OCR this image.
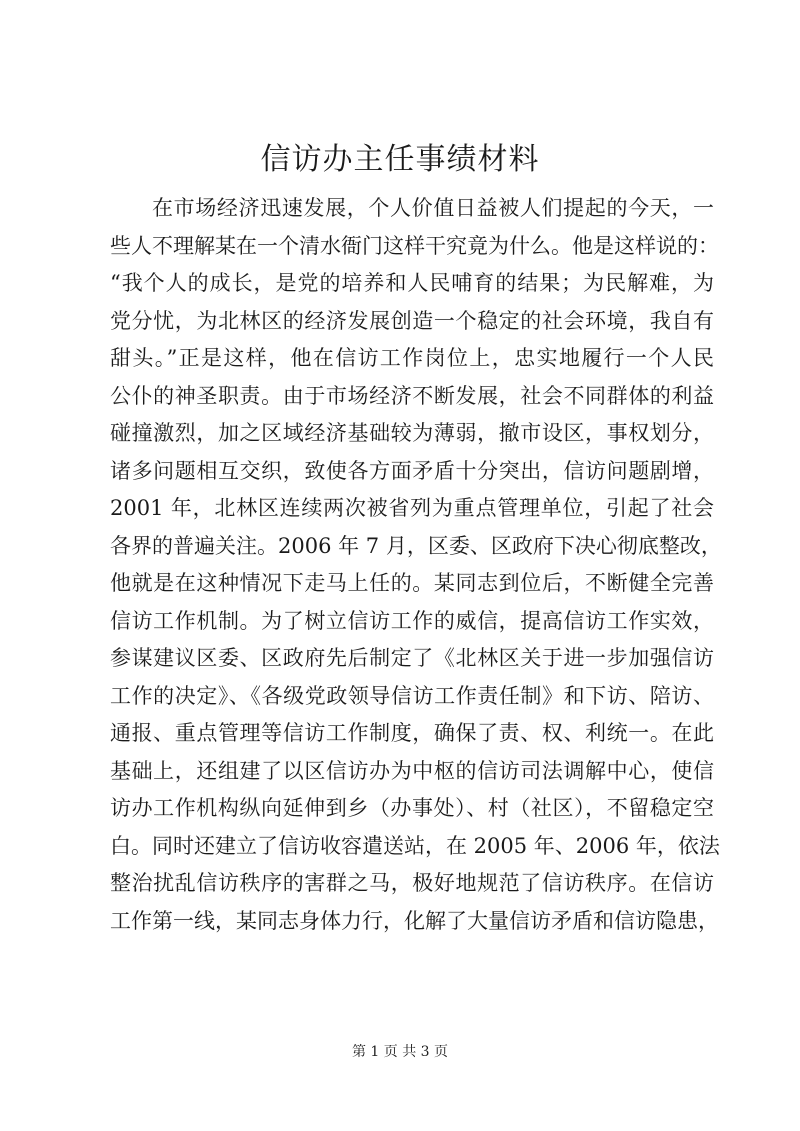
信访办主任事绩材料
在市场经济迅速发展，个人价值日益被人们提起的今天，一
些人不理解某在一个清水衙门这样干究竟为什么。他是这样说的：
“我个人的成长，是党的培养和人民哺育的结果；为民解难，为
党分忧，为北林区的经济发展创造一个稳定的社会环境，我自有
甜头。”正是这样，他在信访工作岗位上，忠实地履行一个人民
公仆的神圣职责。由于市场经济不断发展，社会不同群体的利益
碰撞激烈，加之区域经济基础较为薄弱，撤市设区，事权划分，
诸多问题相互交织，致使各方面矛盾十分突出，信访问题剧增，
2001 年，北林区连续两次被省列为重点管理单位，引起了社会
各界的普遍关注。2006 年 7 月，区委、区政府下决心彻底整改，
他就是在这种情况下走马上任的。某同志到位后，不断健全完善
信访工作机制。为了树立信访工作的威信，提高信访工作实效，
参谋建议区委、区政府先后制定了《北林区关于进一步加强信访
工作的决定》、《各级党政领导信访工作责任制》和下访、陪访、
通报、重点管理等信访工作制度，确保了责、权、利统一。在此
基础上，还组建了以区信访办为中枢的信访司法调解中心，使信
访办工作机构纵向延伸到乡（办事处）、村（社区），不留稳定空
白。同时还建立了信访收容遣送站，在 2005 年、2006 年，依法
整治扰乱信访秩序的害群之马，极好地规范了信访秩序。在信访
工作第一线，某同志身体力行，化解了大量信访矛盾和信访隐患，
第 1 页 共 3 页
